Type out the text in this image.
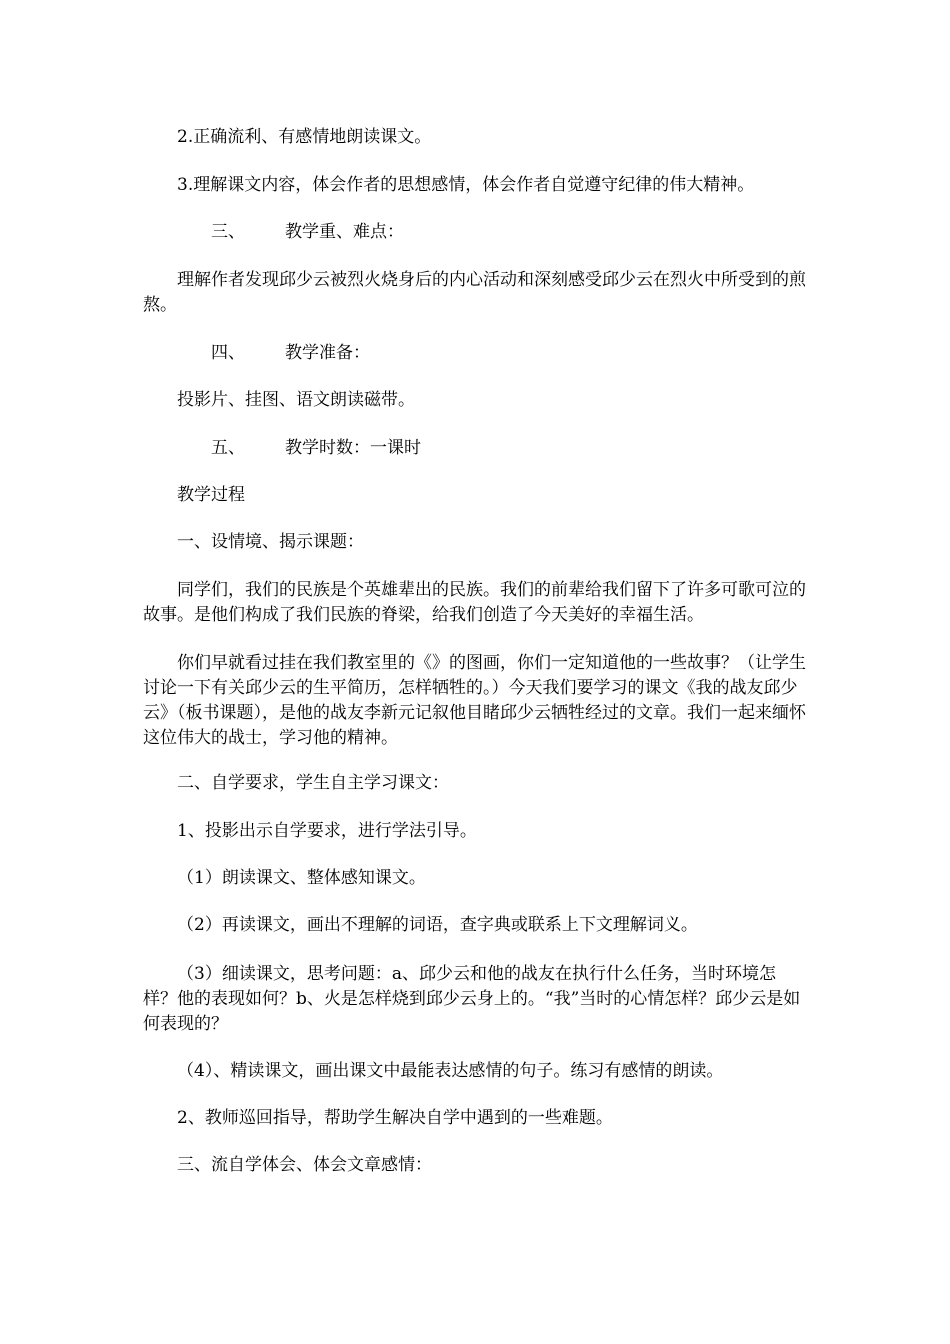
2.正确流利、有感情地朗读课文。

3.理解课文内容，体会作者的思想感情，体会作者自觉遵守纪律的伟大精神。

三、 教学重、难点：

理解作者发现邱少云被烈火烧身后的内心活动和深刻感受邱少云在烈火中所受到的煎熬。

四、 教学准备：

投影片、挂图、语文朗读磁带。

五、 教学时数：一课时

教学过程

一、设情境、揭示课题：

同学们，我们的民族是个英雄辈出的民族。我们的前辈给我们留下了许多可歌可泣的故事。是他们构成了我们民族的脊梁，给我们创造了今天美好的幸福生活。

你们早就看过挂在我们教室里的《》的图画，你们一定知道他的一些故事？（让学生讨论一下有关邱少云的生平简历，怎样牺牲的。）今天我们要学习的课文《我的战友邱少云》（板书课题），是他的战友李新元记叙他目睹邱少云牺牲经过的文章。我们一起来缅怀这位伟大的战士，学习他的精神。

二、自学要求，学生自主学习课文：

1、投影出示自学要求，进行学法引导。

（1）朗读课文、整体感知课文。

（2）再读课文，画出不理解的词语，查字典或联系上下文理解词义。

（3）细读课文，思考问题：a、邱少云和他的战友在执行什么任务，当时环境怎样？他的表现如何？b、火是怎样烧到邱少云身上的。“我”当时的心情怎样？邱少云是如何表现的？

（4）、精读课文，画出课文中最能表达感情的句子。练习有感情的朗读。

2、教师巡回指导，帮助学生解决自学中遇到的一些难题。

三、流自学体会、体会文章感情：
